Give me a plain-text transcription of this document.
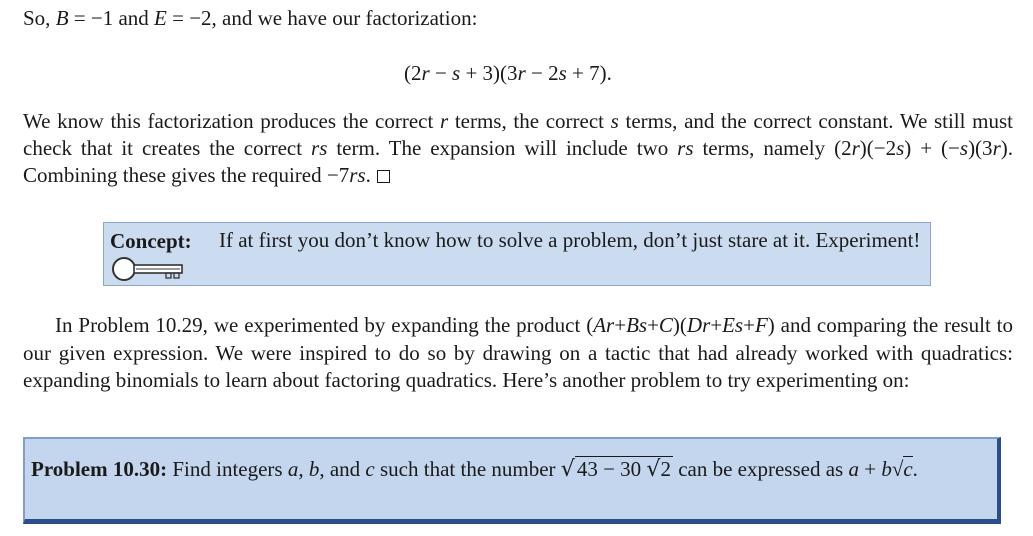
So, B = −1 and E = −2, and we have our factorization:
(2r − s + 3)(3r − 2s + 7).
We know this factorization produces the correct r terms, the correct s terms, and the correct constant. We still must check that it creates the correct rs term. The expansion will include two rs terms, namely (2r)(−2s) + (−s)(3r). Combining these gives the required −7rs.
Concept: If at first you don’t know how to solve a problem, don’t just stare at it. Experiment!
In Problem 10.29, we experimented by expanding the product (Ar+Bs+C)(Dr+Es+F) and comparing the result to our given expression. We were inspired to do so by drawing on a tactic that had already worked with quadratics: expanding binomials to learn about factoring quadratics. Here’s another problem to try experimenting on:
Problem 10.30: Find integers a, b, and c such that the number √43 − 30 √2 can be expressed as a + b√c.
